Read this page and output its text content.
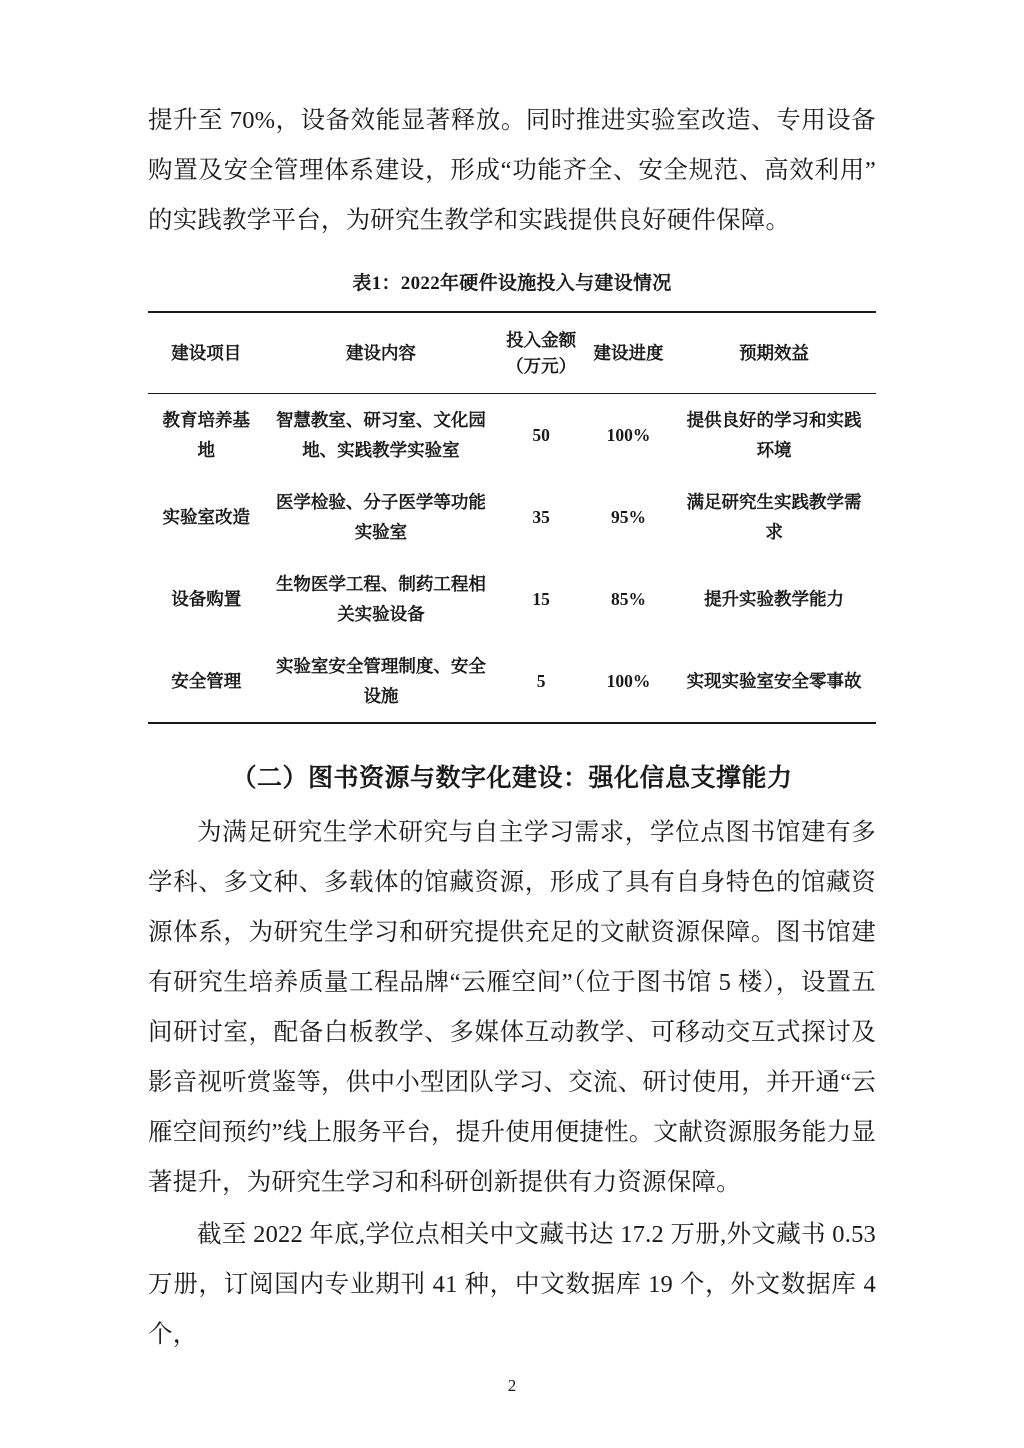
提升至 70%，设备效能显著释放。同时推进实验室改造、专用设备购置及安全管理体系建设，形成“功能齐全、安全规范、高效利用”的实践教学平台，为研究生教学和实践提供良好硬件保障。

表1：2022年硬件设施投入与建设情况
建设项目	建设内容	投入金额（万元）	建设进度	预期效益
教育培养基地	智慧教室、研习室、文化园地、实践教学实验室	50	100%	提供良好的学习和实践环境
实验室改造	医学检验、分子医学等功能实验室	35	95%	满足研究生实践教学需求
设备购置	生物医学工程、制药工程相关实验设备	15	85%	提升实验教学能力
安全管理	实验室安全管理制度、安全设施	5	100%	实现实验室安全零事故
（二）图书资源与数字化建设：强化信息支撑能力

为满足研究生学术研究与自主学习需求，学位点图书馆建有多学科、多文种、多载体的馆藏资源，形成了具有自身特色的馆藏资源体系，为研究生学习和研究提供充足的文献资源保障。图书馆建有研究生培养质量工程品牌“云雁空间”（位于图书馆 5 楼），设置五间研讨室，配备白板教学、多媒体互动教学、可移动交互式探讨及影音视听赏鉴等，供中小型团队学习、交流、研讨使用，并开通“云雁空间预约”线上服务平台，提升使用便捷性。文献资源服务能力显著提升，为研究生学习和科研创新提供有力资源保障。

截至 2022 年底,学位点相关中文藏书达 17.2 万册,外文藏书 0.53 万册，订阅国内专业期刊 41 种，中文数据库 19 个，外文数据库 4 个，

2
